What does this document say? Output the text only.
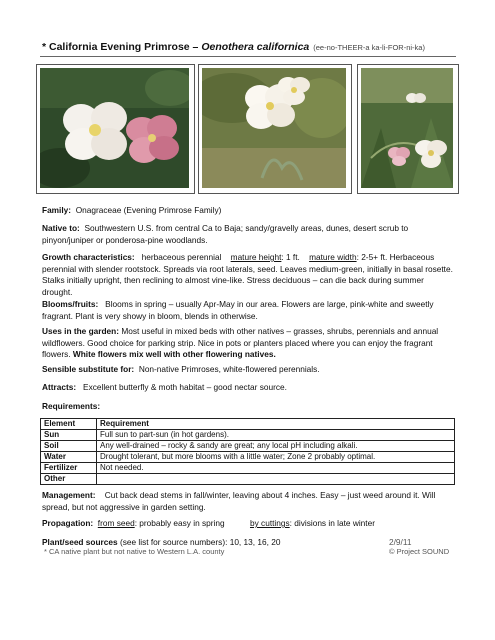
* California Evening Primrose – Oenothera californica (ee-no-THEER-a ka-li-FOR-ni-ka)
Family: Onagraceae (Evening Primrose Family)
Native to: Southwestern U.S. from central Ca to Baja; sandy/gravelly areas, dunes, desert scrub to pinyon/juniper or ponderosa-pine woodlands.
Growth characteristics: herbaceous perennial mature height: 1 ft. mature width: 2-5+ ft. Herbaceous perennial with slender rootstock. Spreads via root laterals, seed. Leaves medium-green, initially in basal rosette. Stalks initially upright, then reclining to almost vine-like. Stress deciduous – can die back during summer drought.
Blooms/fruits: Blooms in spring – usually Apr-May in our area. Flowers are large, pink-white and sweetly fragrant. Plant is very showy in bloom, blends in otherwise.
Uses in the garden: Most useful in mixed beds with other natives – grasses, shrubs, perennials and annual wildflowers. Good choice for parking strip. Nice in pots or planters placed where you can enjoy the fragrant flowers. White flowers mix well with other flowering natives.
Sensible substitute for: Non-native Primroses, white-flowered perennials.
Attracts: Excellent butterfly & moth habitat – good nectar source.
Requirements:
Element	Requirement
Sun	Full sun to part-sun (in hot gardens).
Soil	Any well-drained – rocky & sandy are great; any local pH including alkali.
Water	Drought tolerant, but more blooms with a little water; Zone 2 probably optimal.
Fertilizer	Not needed.
Other	
Management: Cut back dead stems in fall/winter, leaving about 4 inches. Easy – just weed around it. Will spread, but not aggressive in garden setting.
Propagation: from seed: probably easy in spring	by cuttings: divisions in late winter
Plant/seed sources (see list for source numbers): 10, 13, 16, 20	2/9/11
* CA native plant but not native to Western L.A. county	© Project SOUND
